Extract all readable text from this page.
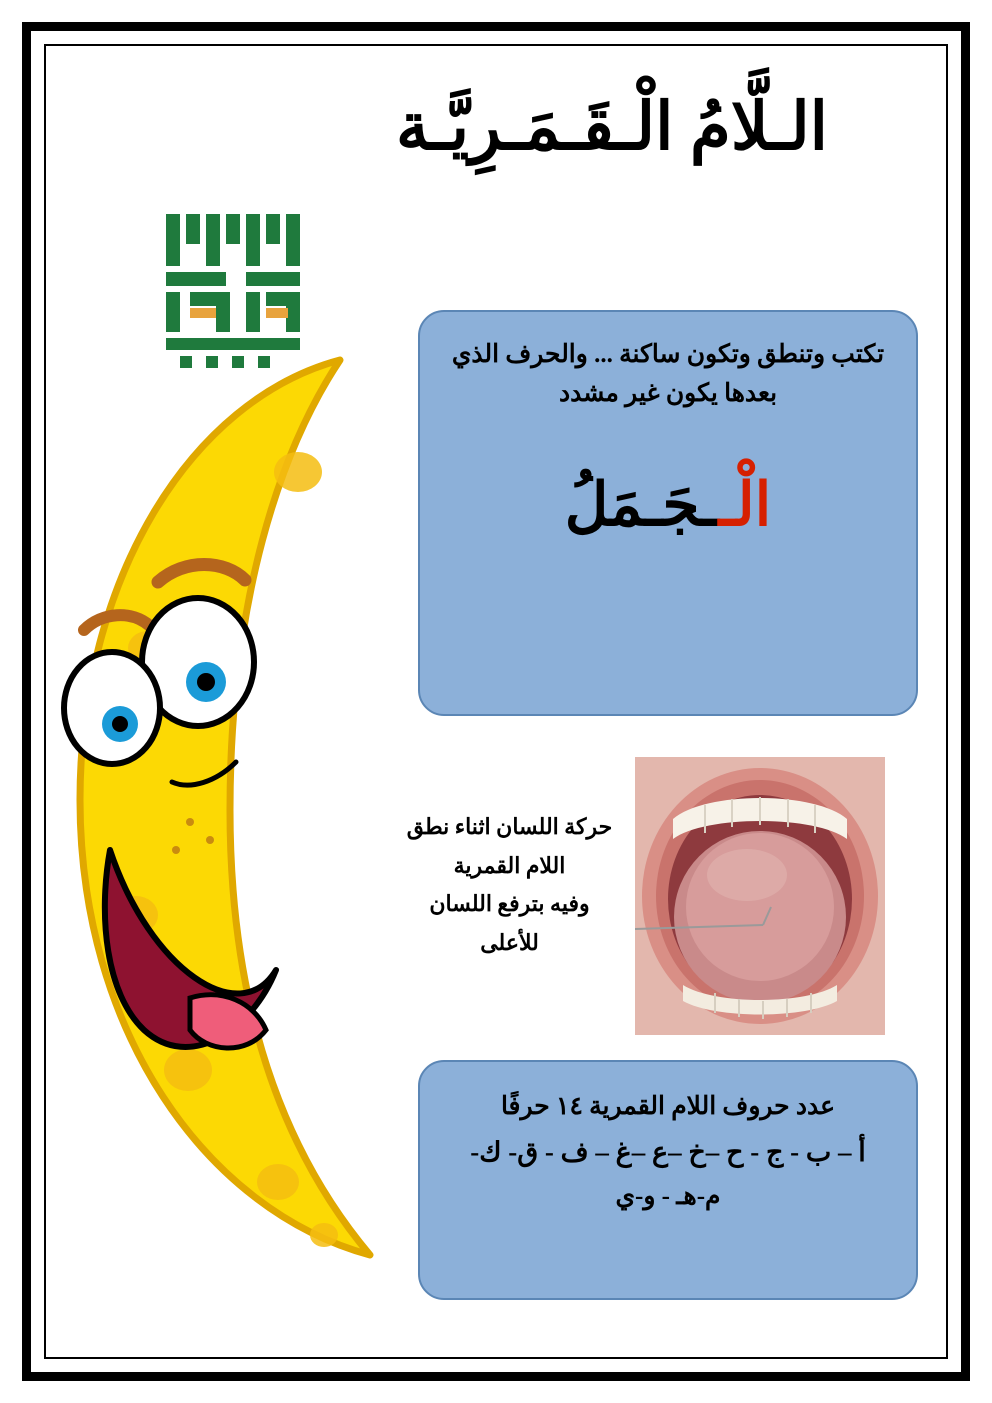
الـلَّامُ الْـقَـمَـرِيَّـة
تكتب وتنطق وتكون ساكنة ... والحرف الذي بعدها يكون غير مشدد
الْــجَـمَلُ
حركة اللسان اثناء نطق
اللام القمرية
وفيه بترفع اللسان للأعلى
عدد حروف اللام القمرية ١٤ حرفًا
أ – ب - ج - ح –خ –ع –غ – ف - ق- ك-
م-هـ - و-ي
